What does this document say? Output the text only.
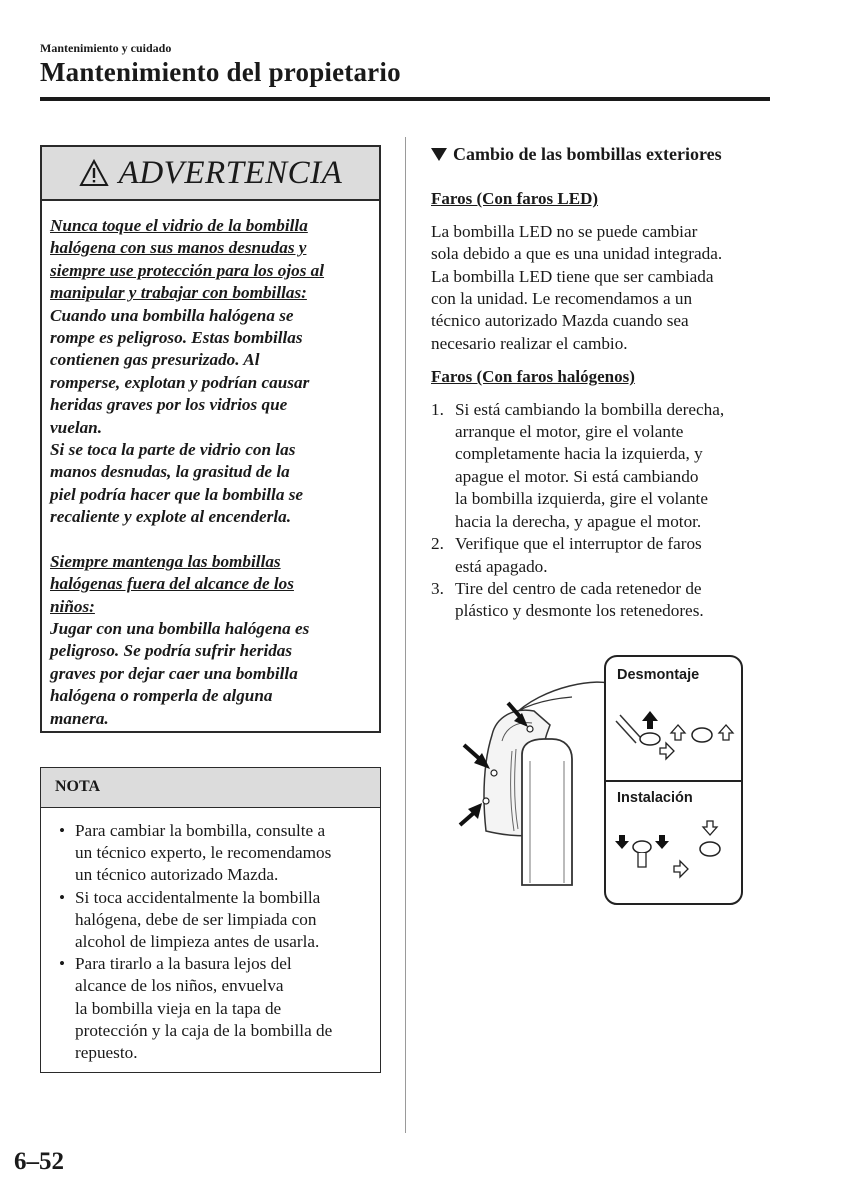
Mantenimiento y cuidado
Mantenimiento del propietario
ADVERTENCIA

Nunca toque el vidrio de la bombilla
halógena con sus manos desnudas y
siempre use protección para los ojos al
manipular y trabajar con bombillas:

Cuando una bombilla halógena se
rompe es peligroso. Estas bombillas
contienen gas presurizado. Al
romperse, explotan y podrían causar
heridas graves por los vidrios que
vuelan.
Si se toca la parte de vidrio con las
manos desnudas, la grasitud de la
piel podría hacer que la bombilla se
recaliente y explote al encenderla.

Siempre mantenga las bombillas
halógenas fuera del alcance de los
niños:

Jugar con una bombilla halógena es
peligroso. Se podría sufrir heridas
graves por dejar caer una bombilla
halógena o romperla de alguna
manera.

NOTA
• Para cambiar la bombilla, consulte a
un técnico experto, le recomendamos
un técnico autorizado Mazda.
• Si toca accidentalmente la bombilla
halógena, debe de ser limpiada con
alcohol de limpieza antes de usarla.
• Para tirarlo a la basura lejos del
alcance de los niños, envuelva
la bombilla vieja en la tapa de
protección y la caja de la bombilla de
repuesto.
Cambio de las bombillas exteriores

Faros (Con faros LED)

La bombilla LED no se puede cambiar
sola debido a que es una unidad integrada.
La bombilla LED tiene que ser cambiada
con la unidad. Le recomendamos a un
técnico autorizado Mazda cuando sea
necesario realizar el cambio.

Faros (Con faros halógenos)

1. Si está cambiando la bombilla derecha,
arranque el motor, gire el volante
completamente hacia la izquierda, y
apague el motor. Si está cambiando
la bombilla izquierda, gire el volante
hacia la derecha, y apague el motor.
2. Verifique que el interruptor de faros
está apagado.
3. Tire del centro de cada retenedor de
plástico y desmonte los retenedores.
Desmontaje
Instalación
6–52
